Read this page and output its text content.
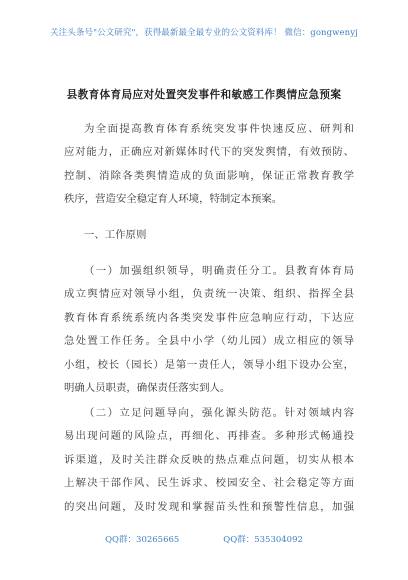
关注头条号"公文研究"，获得最新最全最专业的公文资料库！ 微信：gongwenyj
县教育体育局应对处置突发事件和敏感工作舆情应急预案
为全面提高教育体育系统突发事件快速反应、研判和
应对能力，正确应对新媒体时代下的突发舆情，有效预防、
控制、消除各类舆情造成的负面影响，保证正常教育教学
秩序，营造安全稳定育人环境，特制定本预案。
一、工作原则
（一）加强组织领导，明确责任分工。县教育体育局
成立舆情应对领导小组，负责统一决策、组织、指挥全县
教育体育系统系统内各类突发事件应急响应行动，下达应
急处置工作任务。全县中小学（幼儿园）成立相应的领导
小组，校长（园长）是第一责任人，领导小组下设办公室，
明确人员职责，确保责任落实到人。
（二）立足问题导向，强化源头防范。针对领域内容
易出现问题的风险点，再细化、再排查。多种形式畅通投
诉渠道，及时关注群众反映的热点难点问题，切实从根本
上解决干部作风、民生诉求、校园安全、社会稳定等方面
的突出问题，及时发现和掌握苗头性和预警性信息，加强
QQ群：30265665	QQ群：535304092
